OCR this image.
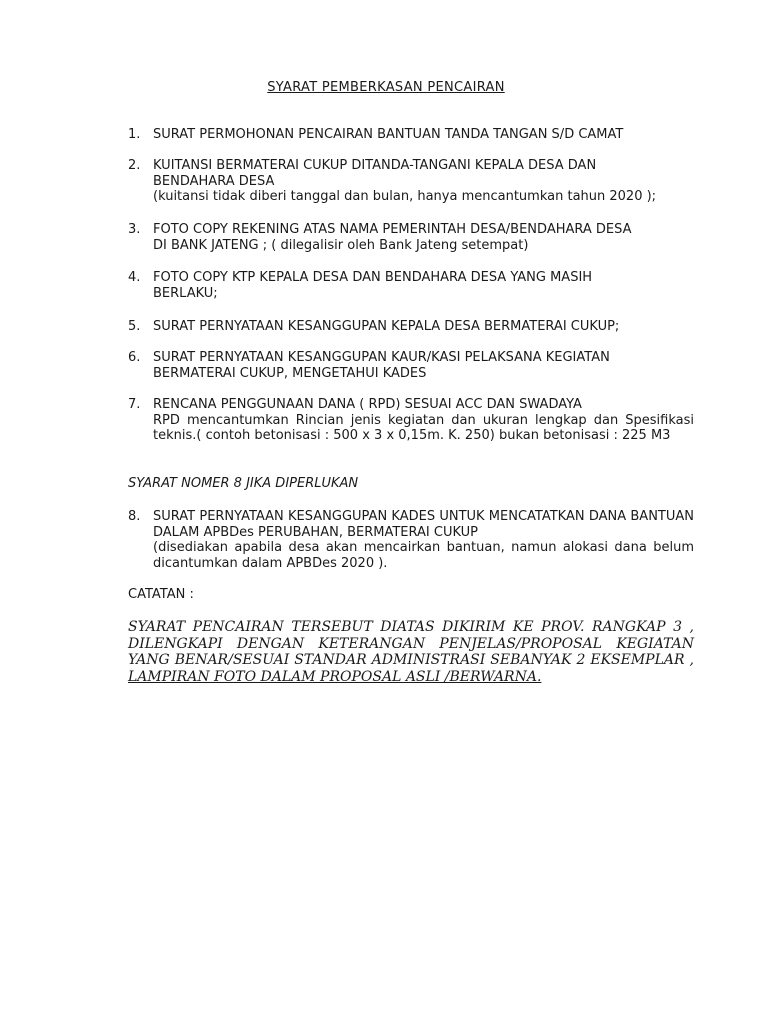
SYARAT PEMBERKASAN PENCAIRAN
1. SURAT PERMOHONAN PENCAIRAN BANTUAN TANDA TANGAN S/D CAMAT
2. KUITANSI BERMATERAI CUKUP DITANDA-TANGANI KEPALA DESA DAN
BENDAHARA DESA
(kuitansi tidak diberi tanggal dan bulan, hanya mencantumkan tahun 2020 );
3. FOTO COPY REKENING ATAS NAMA PEMERINTAH DESA/BENDAHARA DESA
DI BANK JATENG ; ( dilegalisir oleh Bank Jateng setempat)
4. FOTO COPY KTP KEPALA DESA DAN BENDAHARA DESA YANG MASIH
BERLAKU;
5. SURAT PERNYATAAN KESANGGUPAN KEPALA DESA BERMATERAI CUKUP;
6. SURAT PERNYATAAN KESANGGUPAN KAUR/KASI PELAKSANA KEGIATAN
BERMATERAI CUKUP, MENGETAHUI KADES
7. RENCANA PENGGUNAAN DANA ( RPD) SESUAI ACC DAN SWADAYA
RPD mencantumkan Rincian jenis kegiatan dan ukuran lengkap dan Spesifikasi teknis.( contoh betonisasi : 500 x 3 x 0,15m. K. 250) bukan betonisasi : 225 M3
SYARAT NOMER 8 JIKA DIPERLUKAN
8. SURAT PERNYATAAN KESANGGUPAN KADES UNTUK MENCATATKAN DANA BANTUAN DALAM APBDes PERUBAHAN, BERMATERAI CUKUP
(disediakan apabila desa akan mencairkan bantuan, namun alokasi dana belum dicantumkan dalam APBDes 2020 ).
CATATAN :
SYARAT PENCAIRAN TERSEBUT DIATAS DIKIRIM KE PROV. RANGKAP 3 , DILENGKAPI DENGAN KETERANGAN PENJELAS/PROPOSAL KEGIATAN YANG BENAR/SESUAI STANDAR ADMINISTRASI SEBANYAK 2 EKSEMPLAR , LAMPIRAN FOTO DALAM PROPOSAL ASLI /BERWARNA.
